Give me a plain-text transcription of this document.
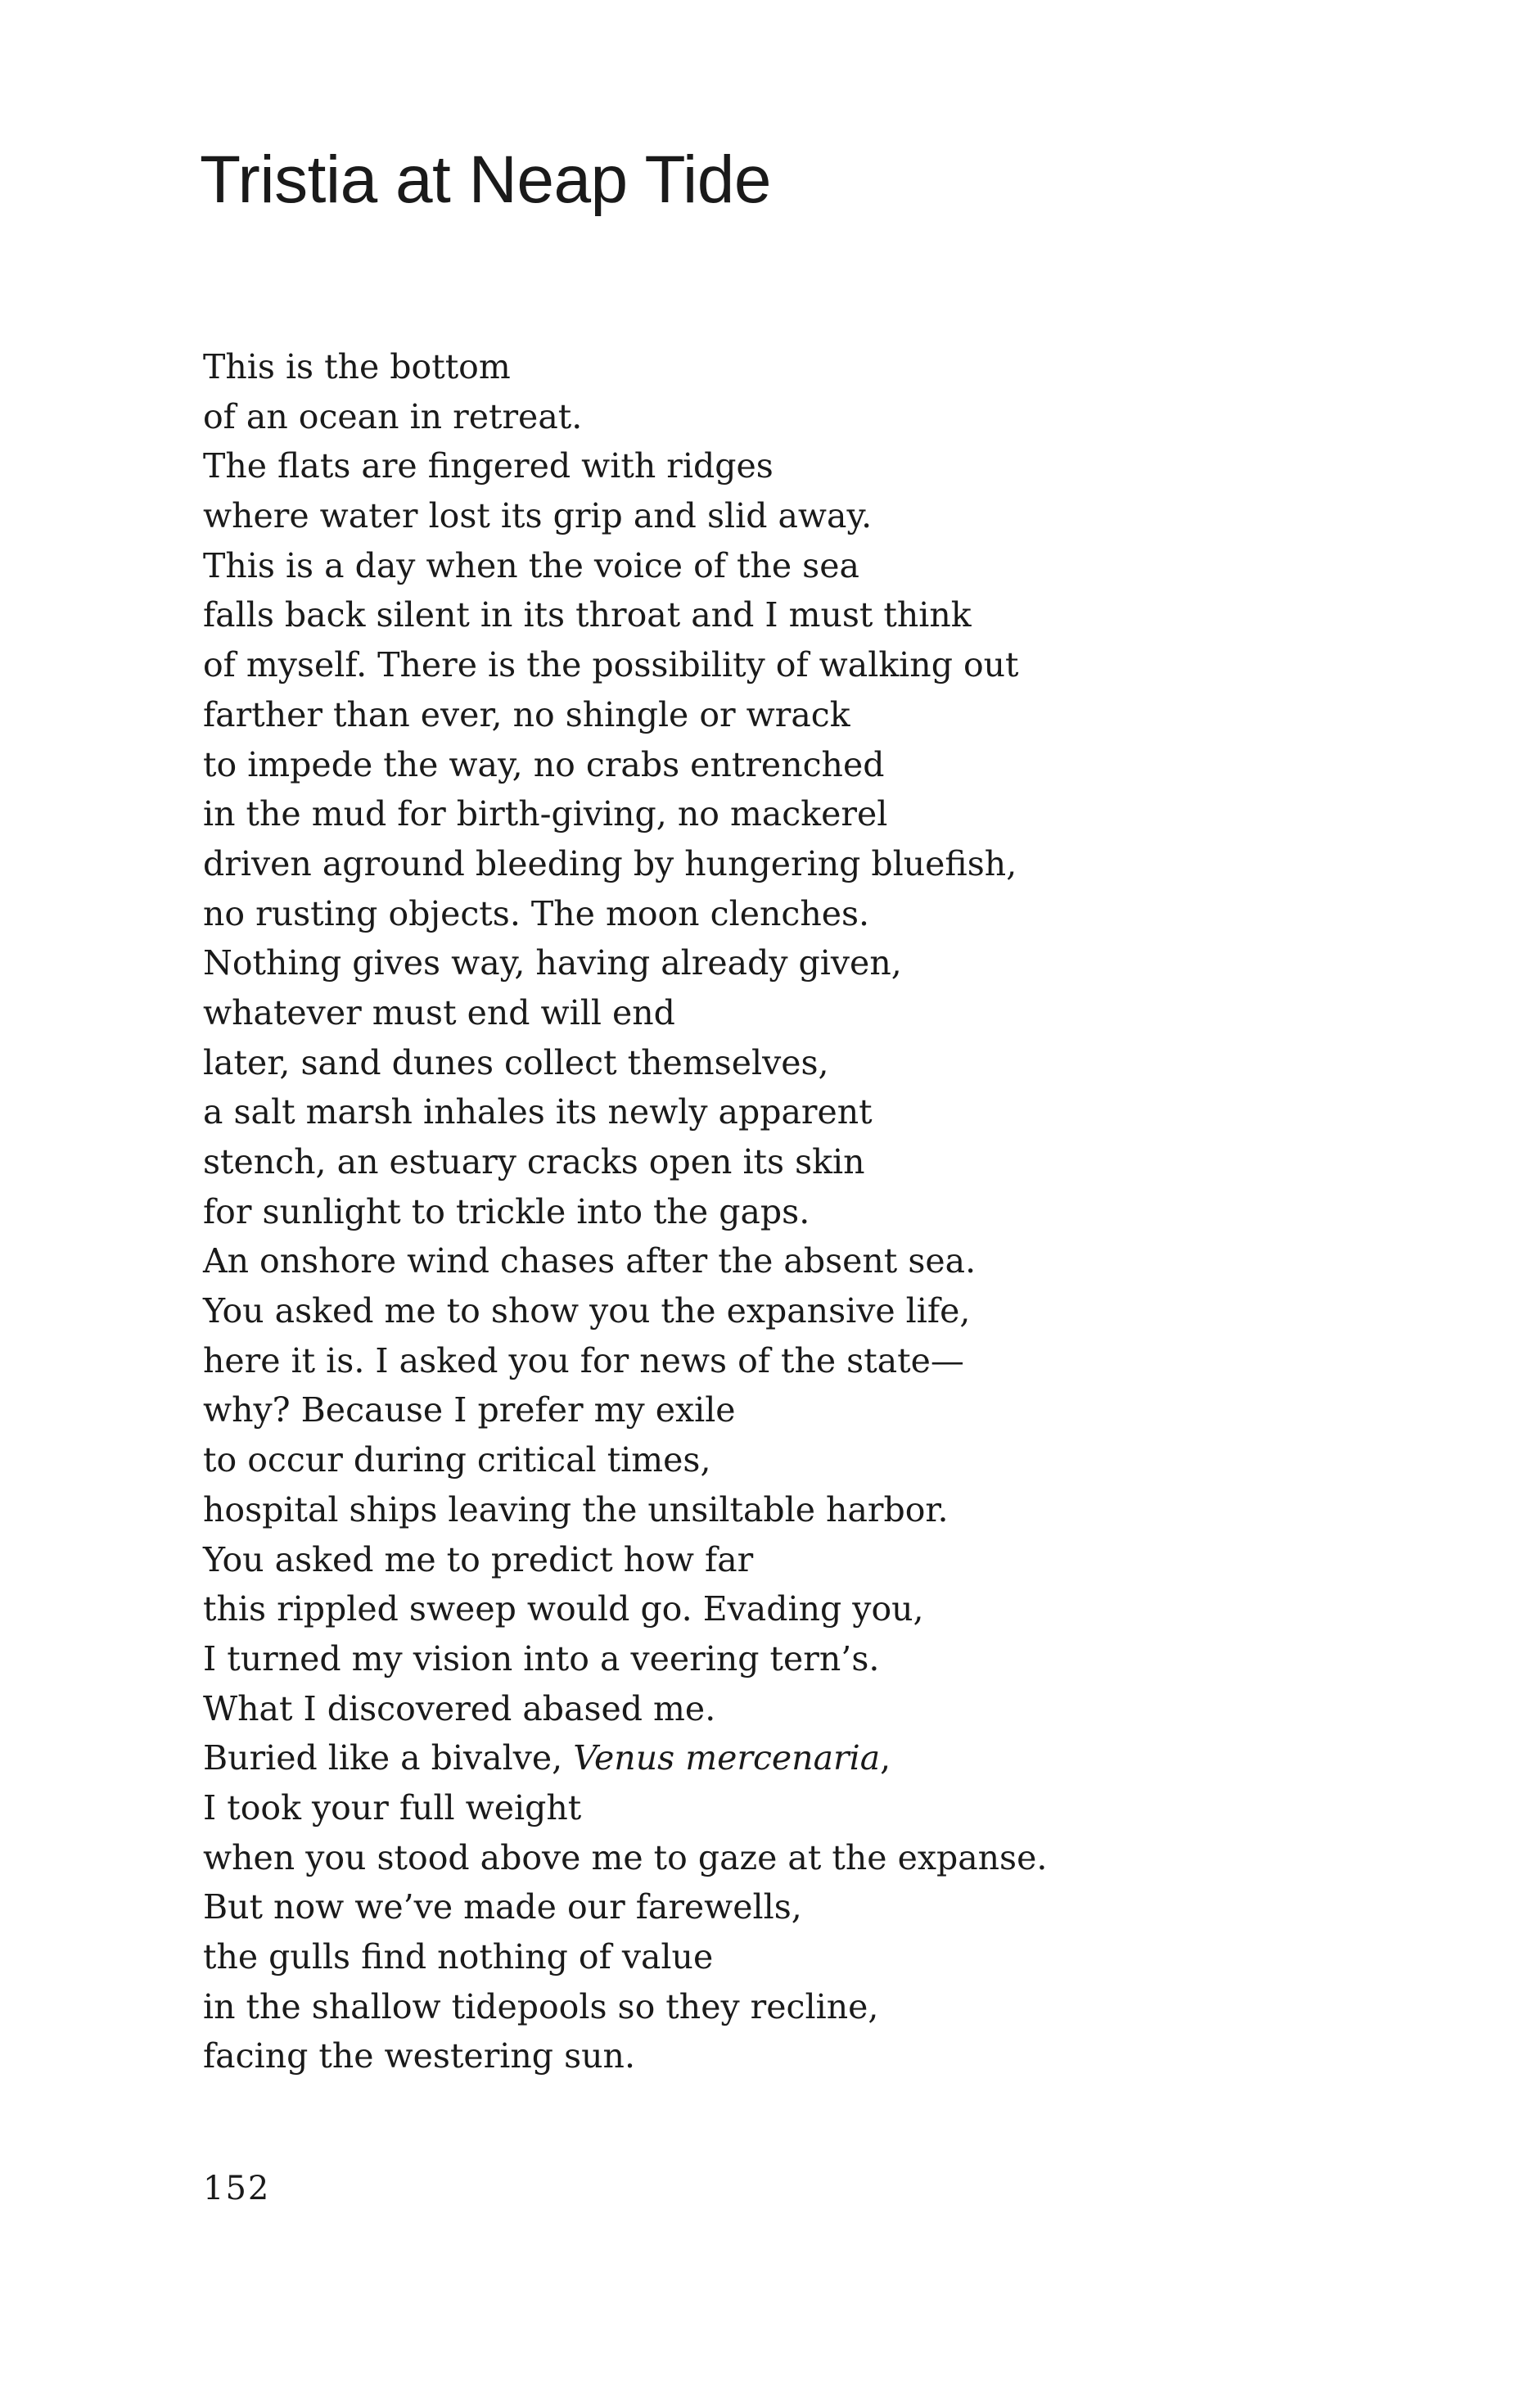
Tristia at Neap Tide
This is the bottom
of an ocean in retreat.
The flats are fingered with ridges
where water lost its grip and slid away.
This is a day when the voice of the sea
falls back silent in its throat and I must think
of myself. There is the possibility of walking out
farther than ever, no shingle or wrack
to impede the way, no crabs entrenched
in the mud for birth-giving, no mackerel
driven aground bleeding by hungering bluefish,
no rusting objects. The moon clenches.
Nothing gives way, having already given,
whatever must end will end
later, sand dunes collect themselves,
a salt marsh inhales its newly apparent
stench, an estuary cracks open its skin
for sunlight to trickle into the gaps.
An onshore wind chases after the absent sea.
You asked me to show you the expansive life,
here it is. I asked you for news of the state—
why? Because I prefer my exile
to occur during critical times,
hospital ships leaving the unsiltable harbor.
You asked me to predict how far
this rippled sweep would go. Evading you,
I turned my vision into a veering tern’s.
What I discovered abased me.
Buried like a bivalve, Venus mercenaria,
I took your full weight
when you stood above me to gaze at the expanse.
But now we’ve made our farewells,
the gulls find nothing of value
in the shallow tidepools so they recline,
facing the westering sun.
152
